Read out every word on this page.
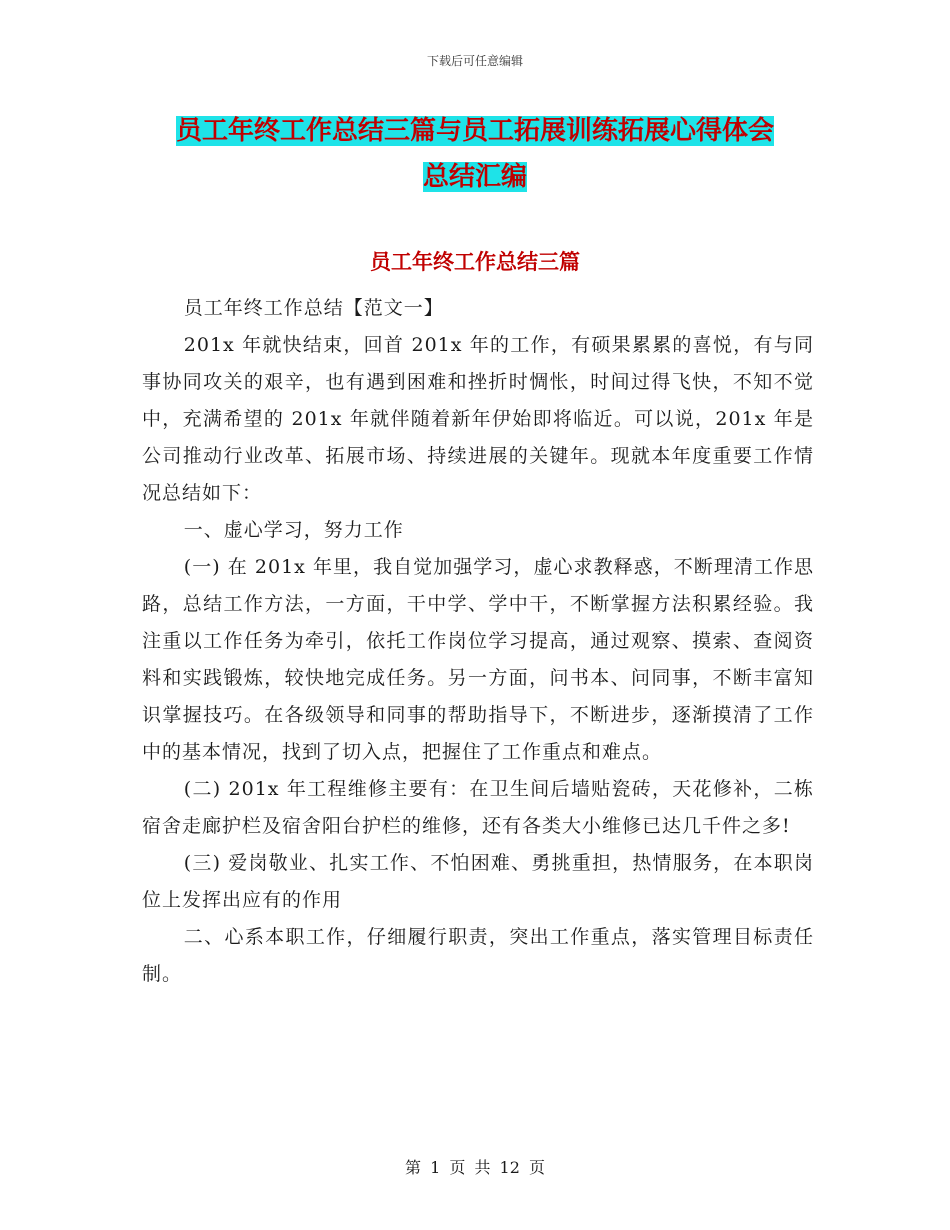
下载后可任意编辑
员工年终工作总结三篇与员工拓展训练拓展心得体会
总结汇编
员工年终工作总结三篇

员工年终工作总结【范文一】

201x 年就快结束，回首 201x 年的工作，有硕果累累的喜悦，有与同事协同攻关的艰辛，也有遇到困难和挫折时惆怅，时间过得飞快，不知不觉中，充满希望的 201x 年就伴随着新年伊始即将临近。可以说，201x 年是公司推动行业改革、拓展市场、持续进展的关键年。现就本年度重要工作情况总结如下：

一、虚心学习，努力工作

(一) 在 201x 年里，我自觉加强学习，虚心求教释惑，不断理清工作思路，总结工作方法，一方面，干中学、学中干，不断掌握方法积累经验。我注重以工作任务为牵引，依托工作岗位学习提高，通过观察、摸索、查阅资料和实践锻炼，较快地完成任务。另一方面，问书本、问同事，不断丰富知识掌握技巧。在各级领导和同事的帮助指导下，不断进步，逐渐摸清了工作中的基本情况，找到了切入点，把握住了工作重点和难点。

(二) 201x 年工程维修主要有：在卫生间后墙贴瓷砖，天花修补，二栋宿舍走廊护栏及宿舍阳台护栏的维修，还有各类大小维修已达几千件之多!

(三) 爱岗敬业、扎实工作、不怕困难、勇挑重担，热情服务，在本职岗位上发挥出应有的作用

二、心系本职工作，仔细履行职责，突出工作重点，落实管理目标责任制。

第 1 页 共 12 页
